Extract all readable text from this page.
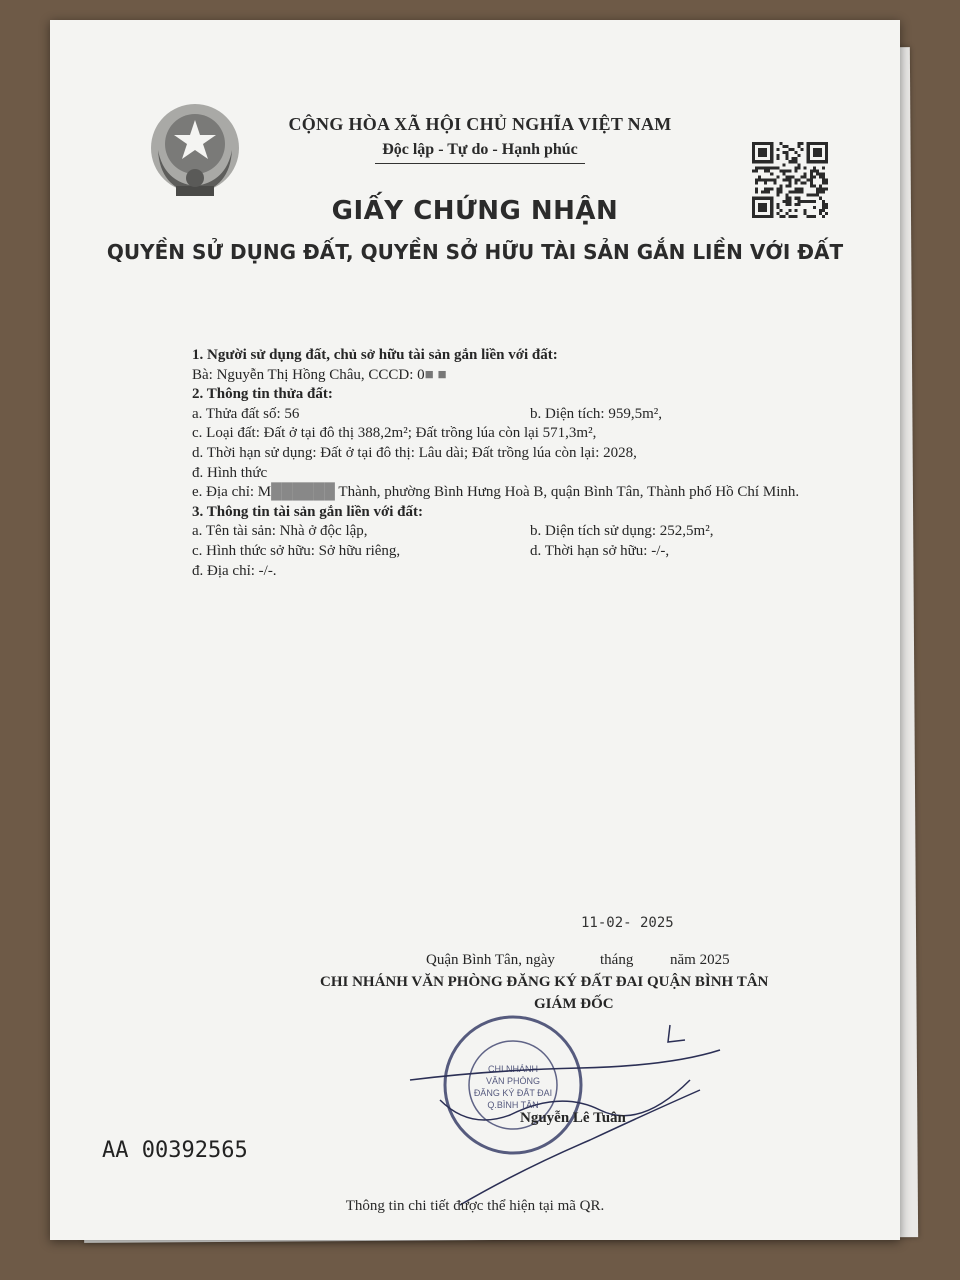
CỘNG HÒA XÃ HỘI CHỦ NGHĨA VIỆT NAM
Độc lập - Tự do - Hạnh phúc
GIẤY CHỨNG NHẬN
QUYỀN SỬ DỤNG ĐẤT, QUYỀN SỞ HỮU TÀI SẢN GẮN LIỀN VỚI ĐẤT
1. Người sử dụng đất, chủ sở hữu tài sản gắn liền với đất:
Bà: Nguyễn Thị Hồng Châu, CCCD: 0■ ■
2. Thông tin thửa đất:
a. Thửa đất số: 56	b. Diện tích: 959,5m²,
c. Loại đất: Đất ở tại đô thị 388,2m²; Đất trồng lúa còn lại 571,3m²,
d. Thời hạn sử dụng: Đất ở tại đô thị: Lâu dài; Đất trồng lúa còn lại: 2028,
đ. Hình thức
e. Địa chỉ: M██████ Thành, phường Bình Hưng Hoà B, quận Bình Tân, Thành phố Hồ Chí Minh.
3. Thông tin tài sản gắn liền với đất:
a. Tên tài sản: Nhà ở độc lập,	b. Diện tích sử dụng: 252,5m²,
c. Hình thức sở hữu: Sở hữu riêng,	d. Thời hạn sở hữu: -/-,
đ. Địa chỉ: -/-.
11-02- 2025
Quận Bình Tân, ngày	tháng năm 2025
CHI NHÁNH VĂN PHÒNG ĐĂNG KÝ ĐẤT ĐAI QUẬN BÌNH TÂN
GIÁM ĐỐC
CHI NHÁNH
VĂN PHÒNG
ĐĂNG KÝ ĐẤT ĐAI
Q.BÌNH TÂN
Nguyễn Lê Tuân
AA 00392565
Thông tin chi tiết được thể hiện tại mã QR.
